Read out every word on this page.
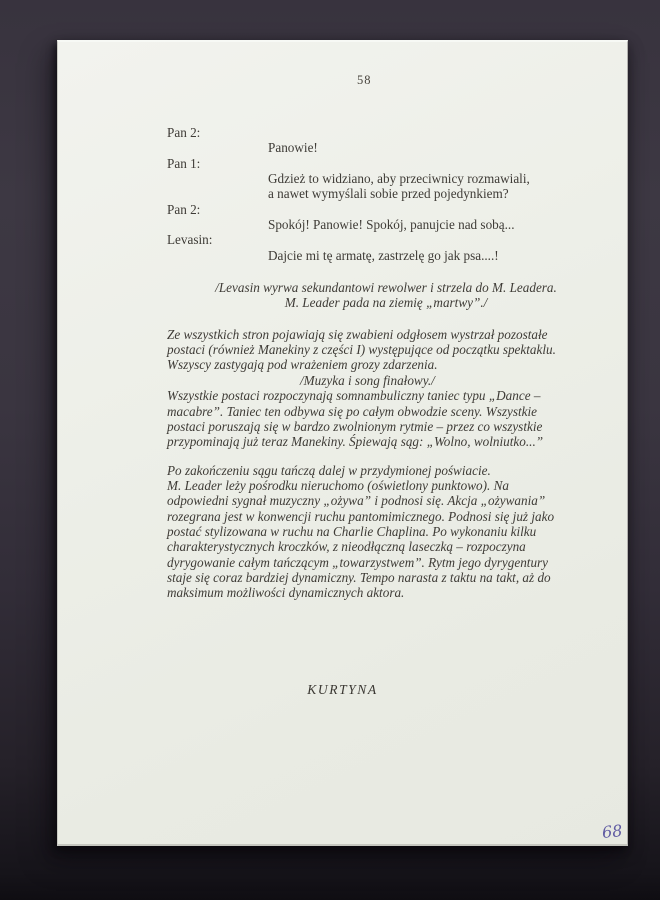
58
Pan 2:
Panowie!
Pan 1:
Gdzież to widziano, aby przeciwnicy rozmawiali,
a nawet wymyślali sobie przed pojedynkiem?
Pan 2:
Spokój! Panowie! Spokój, panujcie nad sobą...
Levasin:
Dajcie mi tę armatę, zastrzelę go jak psa....!
/Levasin wyrwa sekundantowi rewolwer i strzela do M. Leadera.
M. Leader pada na ziemię „martwy”./
Ze wszystkich stron pojawiają się zwabieni odgłosem wystrzał pozostałe
postaci (również Manekiny z części I) występujące od początku spektaklu.
Wszyscy zastygają pod wrażeniem grozy zdarzenia.
/Muzyka i song finałowy./
Wszystkie postaci rozpoczynają somnambuliczny taniec typu „Dance –
macabre”. Taniec ten odbywa się po całym obwodzie sceny. Wszystkie
postaci poruszają się w bardzo zwolnionym rytmie – przez co wszystkie
przypominają już teraz Manekiny. Śpiewają sąg: „Wolno, wolniutko...”
Po zakończeniu sągu tańczą dalej w przydymionej poświacie.
M. Leader leży pośrodku nieruchomo (oświetlony punktowo). Na
odpowiedni sygnał muzyczny „ożywa” i podnosi się. Akcja „ożywania”
rozegrana jest w konwencji ruchu pantomimicznego. Podnosi się już jako
postać stylizowana w ruchu na Charlie Chaplina. Po wykonaniu kilku
charakterystycznych kroczków, z nieodłączną laseczką – rozpoczyna
dyrygowanie całym tańczącym „towarzystwem”. Rytm jego dyrygentury
staje się coraz bardziej dynamiczny. Tempo narasta z taktu na takt, aż do
maksimum możliwości dynamicznych aktora.
KURTYNA
68
